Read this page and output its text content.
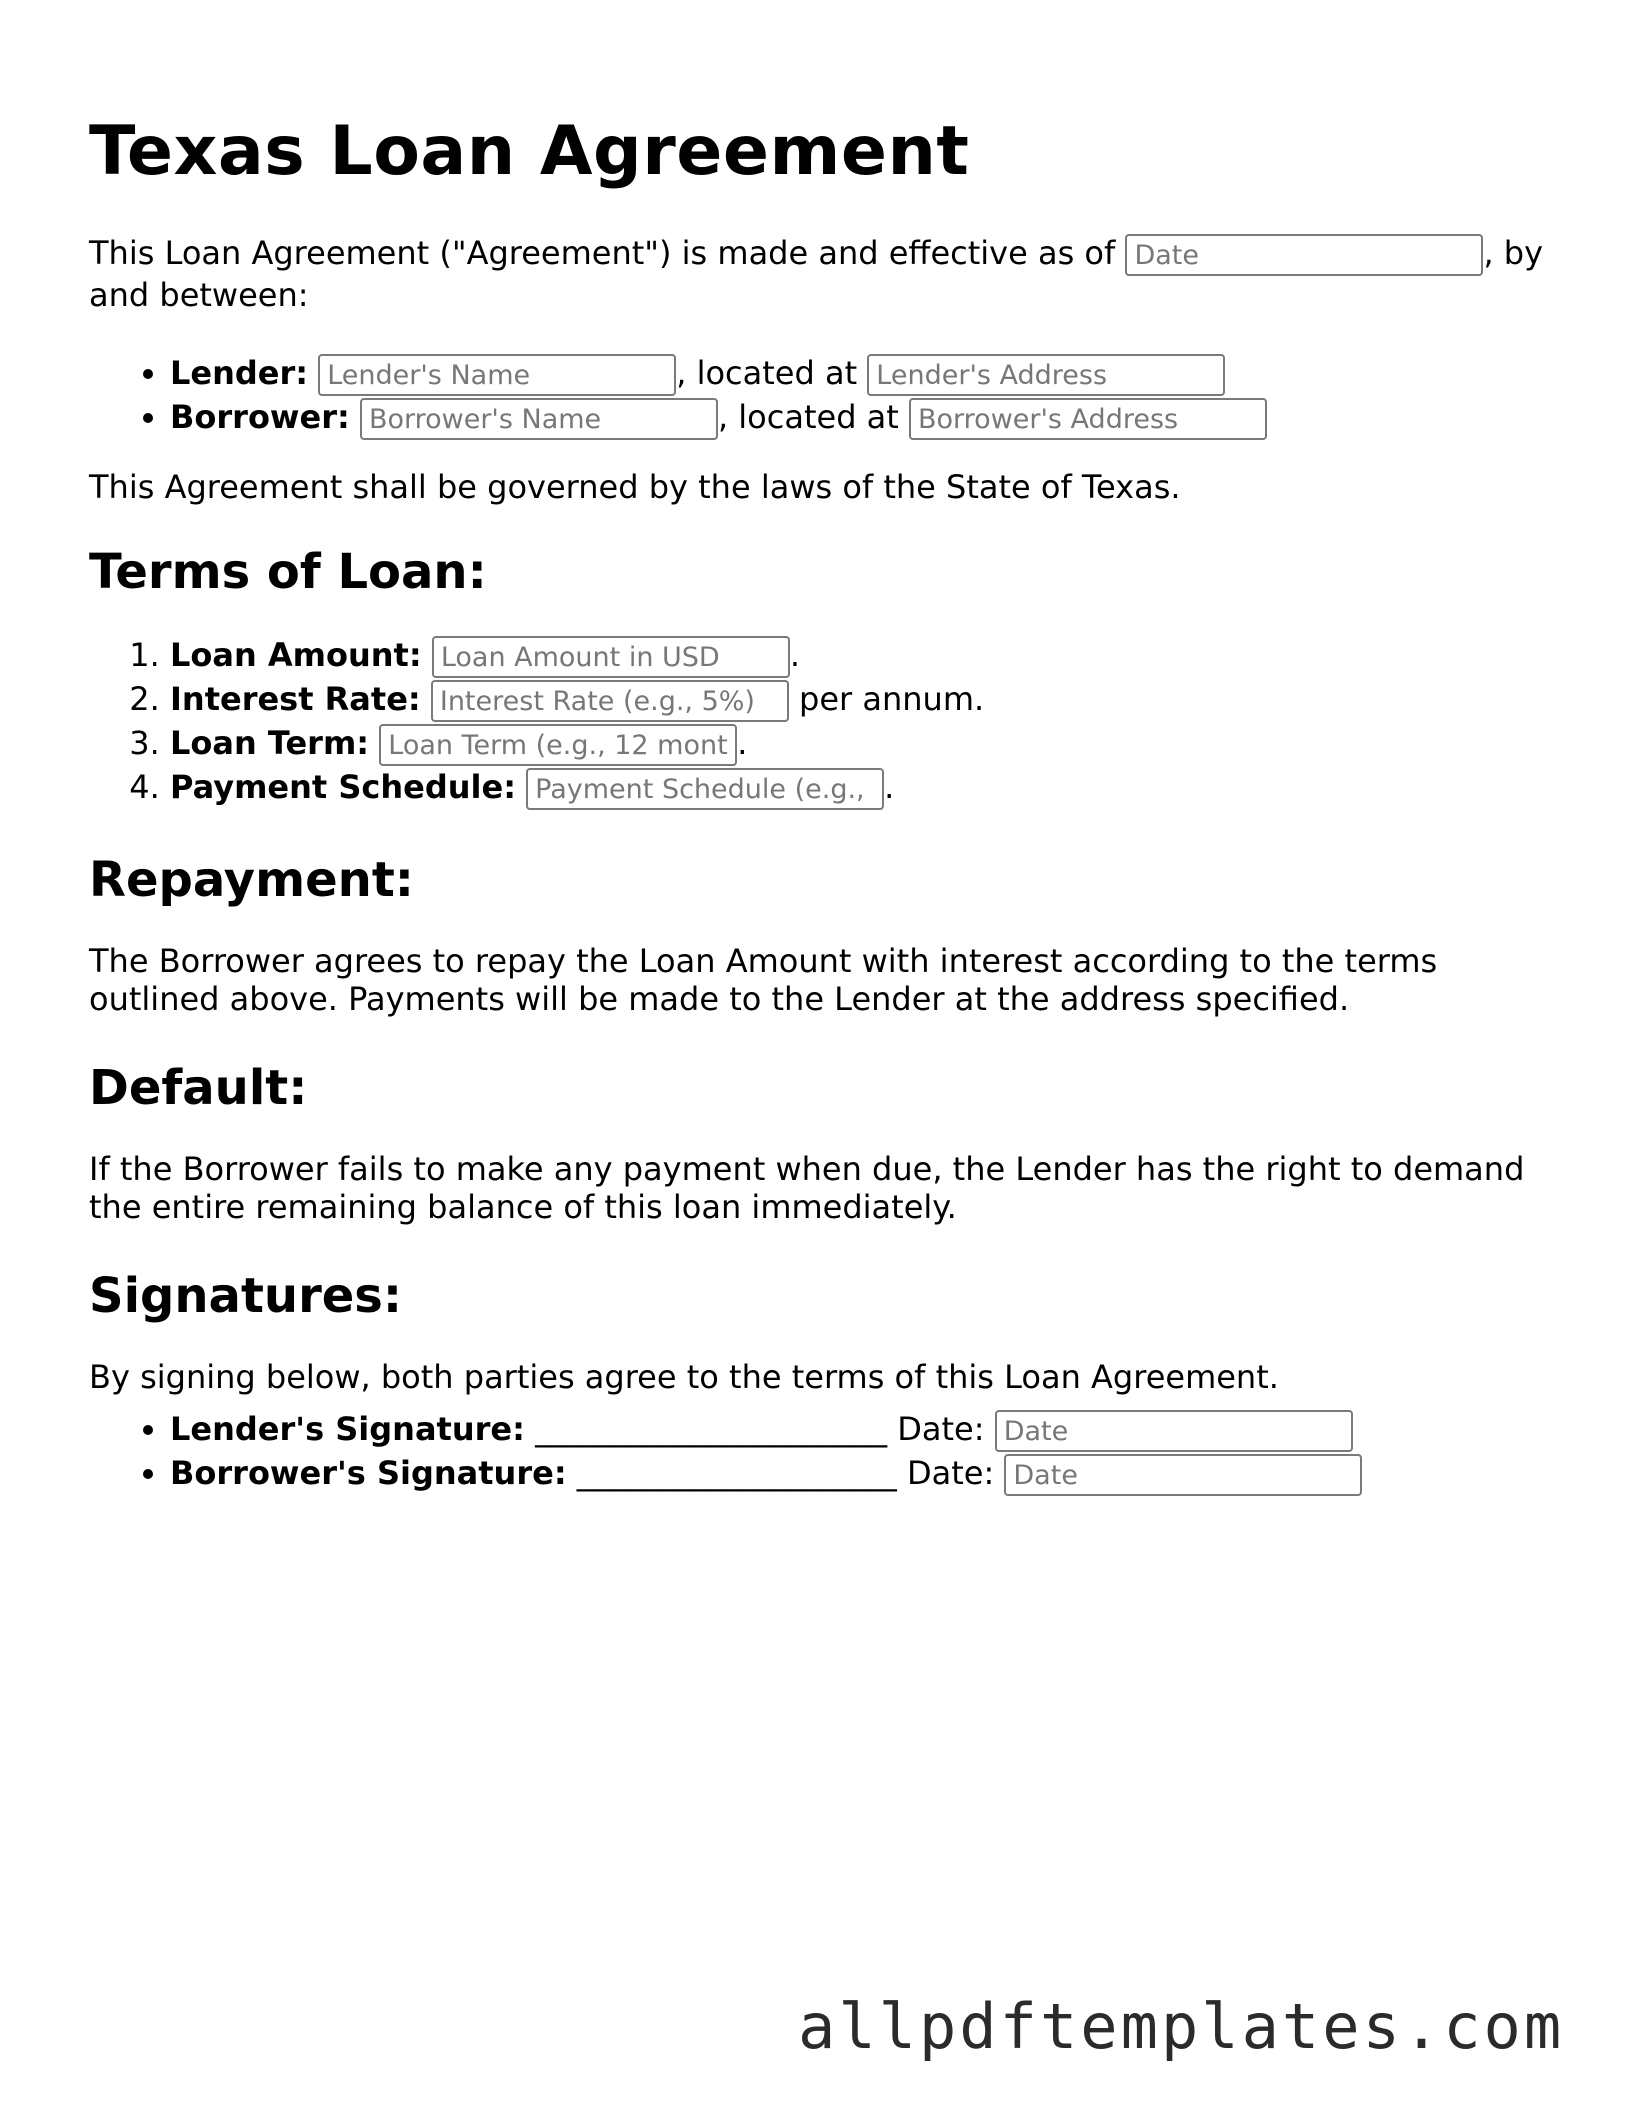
Texas Loan Agreement

This Loan Agreement ("Agreement") is made and effective as of Date	, by and between:

• Lender: Lender's Name	, located at Lender's Address
• Borrower: Borrower's Name	, located at Borrower's Address

This Agreement shall be governed by the laws of the State of Texas.

Terms of Loan:
1. Loan Amount: Loan Amount in USD	.
2. Interest Rate: Interest Rate (e.g., 5%)	per annum.
3. Loan Term: Loan Term (e.g., 12 months)	.
4. Payment Schedule: Payment Schedule (e.g., monthly)	.
Repayment:

The Borrower agrees to repay the Loan Amount with interest according to the terms outlined above. Payments will be made to the Lender at the address specified.

Default:

If the Borrower fails to make any payment when due, the Lender has the right to demand the entire remaining balance of this loan immediately.

Signatures:

By signing below, both parties agree to the terms of this Loan Agreement.

• Lender's Signature: ______________________ Date: Date
• Borrower's Signature: ____________________ Date: Date
allpdftemplates.com
